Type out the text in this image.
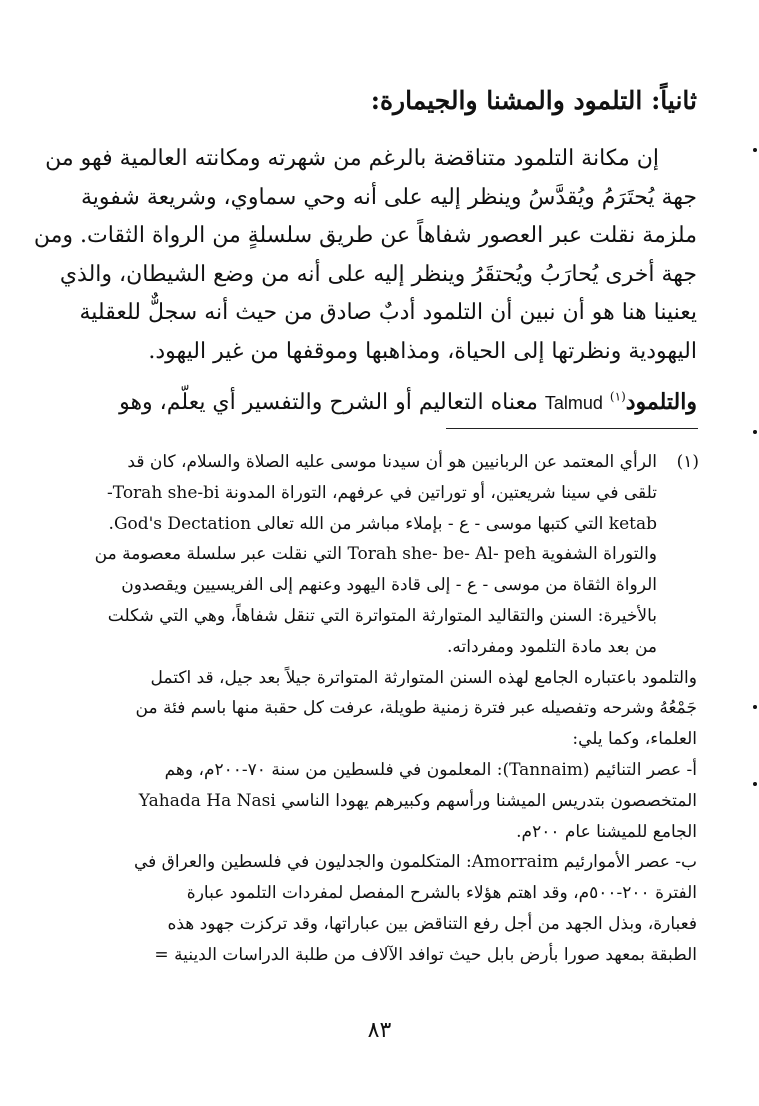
ثانياً: التلمود والمشنا والجيمارة:
إن مكانة التلمود متناقضة بالرغم من شهرته ومكانته العالمية فهو من
جهة يُحتَرَمُ ويُقدَّسُ وينظر إليه على أنه وحي سماوي، وشريعة شفوية
ملزمة نقلت عبر العصور شفاهاً عن طريق سلسلةٍ من الرواة الثقات. ومن
جهة أخرى يُحارَبُ ويُحتقَرُ وينظر إليه على أنه من وضع الشيطان، والذي
يعنينا هنا هو أن نبين أن التلمود أدبٌ صادق من حيث أنه سجلٌّ للعقلية
اليهودية ونظرتها إلى الحياة، ومذاهبها وموقفها من غير اليهود.
والتلمود$^{(١)}$ Talmud معناه التعاليم أو الشرح والتفسير أي يعلّم، وهو
(١)
الرأي المعتمد عن الربانيين هو أن سيدنا موسى عليه الصلاة والسلام، كان قد
تلقى في سينا شريعتين، أو توراتين في عرفهم، التوراة المدونة Torah she-bi-
ketab التي كتبها موسى - ع - بإملاء مباشر من الله تعالى God's Dectation.
والتوراة الشفوية Torah she- be- Al- peh التي نقلت عبر سلسلة معصومة من
الرواة الثقاة من موسى - ع - إلى قادة اليهود وعنهم إلى الفريسيين ويقصدون
بالأخيرة: السنن والتقاليد المتوارثة المتواترة التي تنقل شفاهاً، وهي التي شكلت
من بعد مادة التلمود ومفرداته.
والتلمود باعتباره الجامع لهذه السنن المتوارثة المتواترة جيلاً بعد جيل، قد اكتمل
جَمْعُهُ وشرحه وتفصيله عبر فترة زمنية طويلة، عرفت كل حقبة منها باسم فئة من
العلماء، وكما يلي:
أ- عصر التنائيم (Tannaim): المعلمون في فلسطين من سنة ٧٠-٢٠٠م، وهم
المتخصصون بتدريس الميشنا ورأسهم وكبيرهم يهودا الناسي Yahada Ha Nasi
الجامع للميشنا عام ٢٠٠م.
ب- عصر الأموارئيم Amorraim: المتكلمون والجدليون في فلسطين والعراق في
الفترة ٢٠٠-٥٠٠م، وقد اهتم هؤلاء بالشرح المفصل لمفردات التلمود عبارة
فعبارة، وبذل الجهد من أجل رفع التناقض بين عباراتها، وقد تركزت جهود هذه
الطبقة بمعهد صورا بأرض بابل حيث توافد الآلاف من طلبة الدراسات الدينية =
٨٣
